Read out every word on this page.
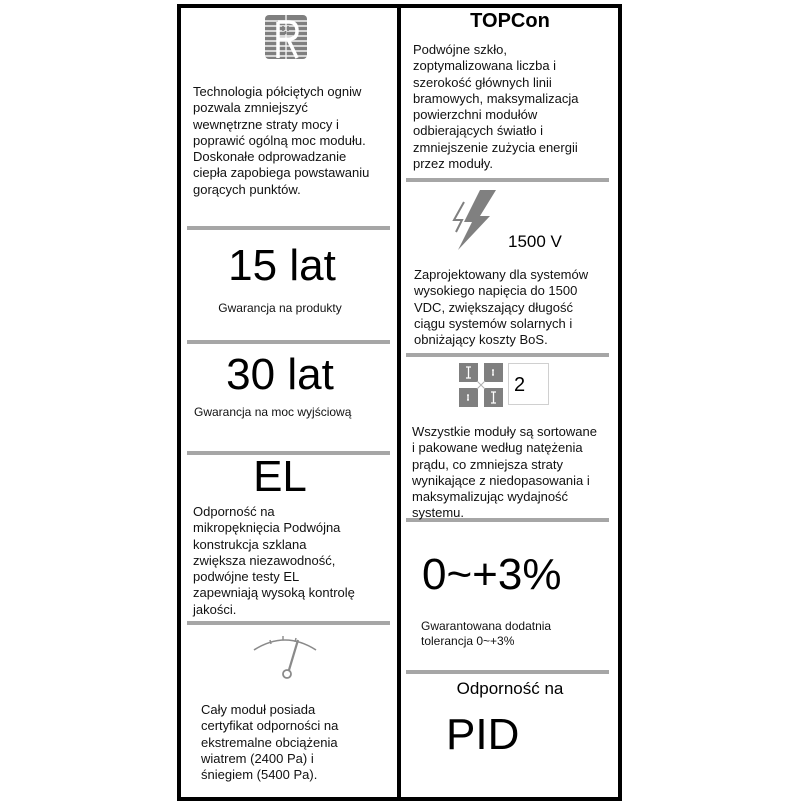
Technologia półciętych ogniw
pozwala zmniejszyć
wewnętrzne straty mocy i
poprawić ogólną moc modułu.
Doskonałe odprowadzanie
ciepła zapobiega powstawaniu
gorących punktów.
15 lat
Gwarancja na produkty
30 lat
Gwarancja na moc wyjściową
EL
Odporność na
mikropęknięcia Podwójna
konstrukcja szklana
zwiększa niezawodność,
podwójne testy EL
zapewniają wysoką kontrolę
jakości.
Cały moduł posiada
certyfikat odporności na
ekstremalne obciążenia
wiatrem (2400 Pa) i
śniegiem (5400 Pa).
TOPCon
Podwójne szkło,
zoptymalizowana liczba i
szerokość głównych linii
bramowych, maksymalizacja
powierzchni modułów
odbierających światło i
zmniejszenie zużycia energii
przez moduły.
1500 V
Zaprojektowany dla systemów
wysokiego napięcia do 1500
VDC, zwiększający długość
ciągu systemów solarnych i
obniżający koszty BoS.
2
Wszystkie moduły są sortowane
i pakowane według natężenia
prądu, co zmniejsza straty
wynikające z niedopasowania i
maksymalizując wydajność
systemu.
0~+3%
Gwarantowana dodatnia
tolerancja 0~+3%
Odporność na
PID
